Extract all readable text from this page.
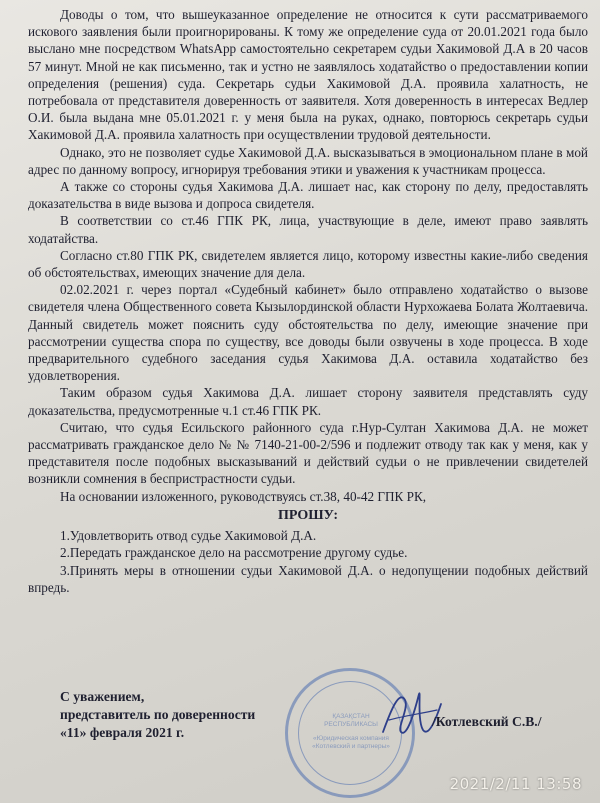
Доводы о том, что вышеуказанное определение не относится к сути рассматриваемого искового заявления были проигнорированы. К тому же определение суда от 20.01.2021 года было выслано мне посредством WhatsApp самостоятельно секретарем судьи Хакимовой Д.А в 20 часов 57 минут. Мной не как письменно, так и устно не заявлялось ходатайство о предоставлении копии определения (решения) суда. Секретарь судьи Хакимовой Д.А. проявила халатность, не потребовала от представителя доверенность от заявителя. Хотя доверенность в интересах Ведлер О.И. была выдана мне 05.01.2021 г. у меня была на руках, однако, повторюсь секретарь судьи Хакимовой Д.А. проявила халатность при осуществлении трудовой деятельности.

Однако, это не позволяет судье Хакимовой Д.А. высказываться в эмоциональном плане в мой адрес по данному вопросу, игнорируя требования этики и уважения к участникам процесса.

А также со стороны судья Хакимова Д.А. лишает нас, как сторону по делу, предоставлять доказательства в виде вызова и допроса свидетеля.

В соответствии со ст.46 ГПК РК, лица, участвующие в деле, имеют право заявлять ходатайства.

Согласно ст.80 ГПК РК, свидетелем является лицо, которому известны какие-либо сведения об обстоятельствах, имеющих значение для дела.

02.02.2021 г. через портал «Судебный кабинет» было отправлено ходатайство о вызове свидетеля члена Общественного совета Кызылординской области Нурхожаева Болата Жолтаевича. Данный свидетель может пояснить суду обстоятельства по делу, имеющие значение при рассмотрении существа спора по существу, все доводы были озвучены в ходе процесса. В ходе предварительного судебного заседания судья Хакимова Д.А. оставила ходатайство без удовлетворения.

Таким образом судья Хакимова Д.А. лишает сторону заявителя представлять суду доказательства, предусмотренные ч.1 ст.46 ГПК РК.

Считаю, что судья Есильского районного суда г.Нур-Султан Хакимова Д.А. не может рассматривать гражданское дело № № 7140-21-00-2/596 и подлежит отводу так как у меня, как у представителя после подобных высказываний и действий судьи о не привлечении свидетелей возникли сомнения в беспристрастности судьи.

На основании изложенного, руководствуясь ст.38, 40-42 ГПК РК,

ПРОШУ:

1.Удовлетворить отвод судье Хакимовой Д.А.

2.Передать гражданское дело на рассмотрение другому судье.

3.Принять меры в отношении судьи Хакимовой Д.А. о недопущении подобных действий впредь.

С уважением,
представитель по доверенности
«11» февраля 2021 г.
ҚАЗАҚСТАН РЕСПУБЛИКАСЫ
«Юридическая компания «Котлевский и партнеры»
/Котлевский С.В./
2021/2/11 13:58
